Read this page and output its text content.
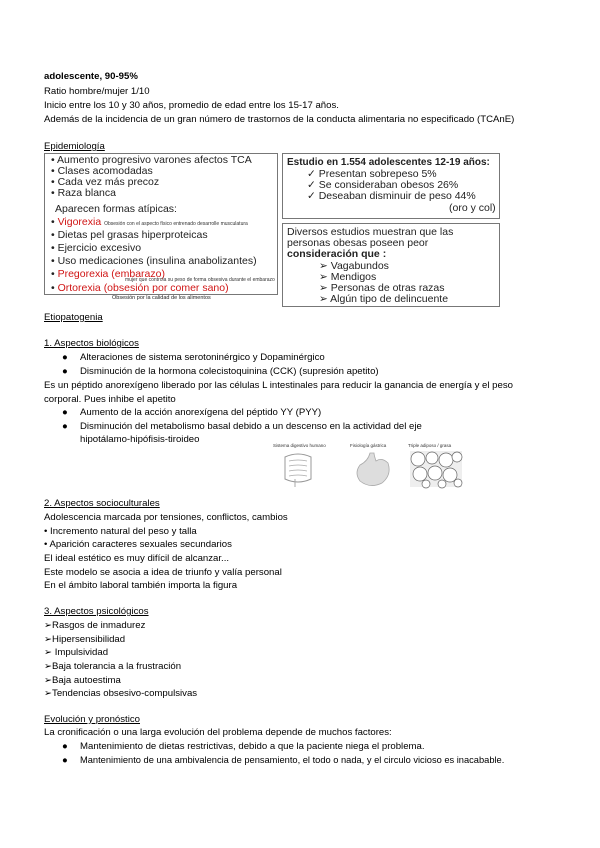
adolescente, 90-95%
Ratio hombre/mujer 1/10
Inicio entre los 10 y 30 años, promedio de edad entre los 15-17 años.
Además de la incidencia de un gran número de trastornos de la conducta alimentaria no especificado (TCAnE)
Epidemiología
• Aumento progresivo varones afectos TCA
• Clases acomodadas
• Cada vez más precoz
• Raza blanca
Aparecen formas atípicas:
• Vigorexia Obsesión con el aspecto físico entrenado desarrolle musculatura
• Dietas pel grasas hiperproteicas
• Ejercicio excesivo
• Uso medicaciones (insulina anabolizantes)
• Pregorexia (embarazo)
mujer que controla su peso de forma obsesiva durante el embarazo
• Ortorexia (obsesión por comer sano)
Obsesión por la calidad de los alimentos
Estudio en 1.554 adolescentes 12-19 años:
✓ Presentan sobrepeso 5%
✓ Se consideraban obesos 26%
✓ Deseaban disminuir de peso 44%
(oro y col)
Diversos estudios muestran que las
personas obesas poseen peor
consideración que :
➢ Vagabundos
➢ Mendigos
➢ Personas de otras razas
➢ Algún tipo de delincuente
Etiopatogenia
1. Aspectos biológicos
● Alteraciones de sistema serotoninérgico y Dopaminérgico
● Disminución de la hormona colecistoquinina (CCK) (supresión apetito)
Es un péptido anorexígeno liberado por las células L intestinales para reducir la ganancia de energía y el peso
corporal. Pues inhibe el apetito
● Aumento de la acción anorexígena del péptido YY (PYY)
● Disminución del metabolismo basal debido a un descenso en la actividad del eje
hipotálamo-hipófisis-tiroideo
Sistema digestivo humano	Fisiología gástrica	Triple adiposo / grasa
2. Aspectos socioculturales
Adolescencia marcada por tensiones, conflictos, cambios
• Incremento natural del peso y talla
• Aparición caracteres sexuales secundarios
El ideal estético es muy difícil de alcanzar...
Este modelo se asocia a idea de triunfo y valía personal
En el ámbito laboral también importa la figura
3. Aspectos psicológicos
➢Rasgos de inmadurez
➢Hipersensibilidad
➢ Impulsividad
➢Baja tolerancia a la frustración
➢Baja autoestima
➢Tendencias obsesivo-compulsivas
Evolución y pronóstico
La cronificación o una larga evolución del problema depende de muchos factores:
● Mantenimiento de dietas restrictivas, debido a que la paciente niega el problema.
● Mantenimiento de una ambivalencia de pensamiento, el todo o nada, y el circulo vicioso es inacabable.
